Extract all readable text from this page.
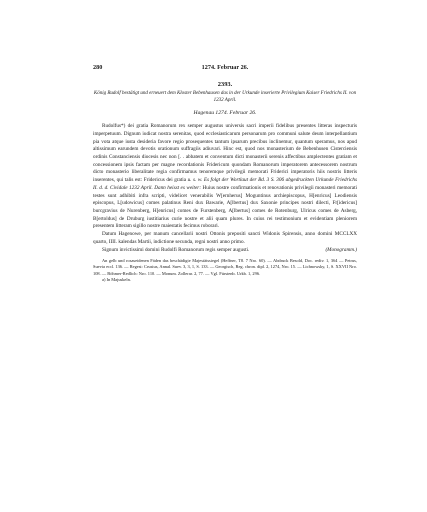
280	1274. Februar 26.
2393.
König Rudolf bestätigt und erneuert dem Kloster Bebenhausen das in der Urkunde inserierte Privilegium Kaiser Friedrichs II. von 1232 April.
Hagenau 1274. Februar 26.

Rudolfus*) dei gratia Romanorum rex semper augustus universis sacri imperii fidelibus presentes litteras inspecturis imperpetuum. Dignum iudicat nostra serenitas, quod ecclesiasticarum personarum pro communi salute deum interpellantium pia vota atque iusta desideria favore regio prosequentes tantum ipsarum precibus inclinemur, quantum speramus, nos apud altissimum earundem devotis orationum suffragiis adiuvari. Hinc est, quod nos monasterium de Bebenhusen Cisterciensis ordinis Constanciensis diocesis nec non [. . abbatem et conventum dicti monasterii serenis affectibus amplectentes gratiam et concessionem ipsis factam per magne recordationis Fridericum quondam Romanorum imperatorem antecessorem nostrum dicto monasterio liberalitate regia confirmamus tenoremque privilegii memorati Friderici imperatoris hiis nostris litteris inserentes, qui talis est: Fridericus dei gratia u. s. w. Es folgt der Wortlaut der Bd. 3 S. 306 abgedruckten Urkunde Friedrichs II. d. d. Cividale 1232 April. Dann heisst es weiter: Huius nostre confirmationis et renovationis privilegii monasteri memorati testes sunt adhibiti infra scripti, videlicet venerabilis W[ernherus] Moguntinus archiepiscopus, H[enricus] Leodiensis episcopus, L[udowicus] comes palatinus Reni dux Bawarie, A[lbertus] dux Saxonie principes nostri dilecti, Fr[idericus] burcgravius de Nurenberg, H[enricus] comes de Furstenberg, A[lbertus] comes de Rotenburg, Ulricus comes de Asberg, B[ertoldus] de Druburg iustitiarius curie nostre et alii quam plures. In cuius rei testimonium et evidentiam pleniorem presentem litteram sigillo nostre maiestatis fecimus roborari.

Datum Hagenowe, per manum cancellarii nostri Ottonis prepositi sancti Widonis Spirensis, anno domini MCCLXX quarto, IIII. kalendas Martii, indictione secunda, regni nostri anno primo.

Signum invictissimi domini Rudolfi Romanorum regis semper augusti.	(Monogramm.)

An gelb und rosaseidenen Fäden das beschädigte Majestätssiegel (Heffner, T8. 7 Nro. 60). — Abdruck Besold, Doc. rediv. 1, 364 — Petrus, Suevia eccl. 136. — Regest: Crusius, Annal. Suev. 3, 3, 1, S. 133. — Georgisch, Reg. chron. dipl. 2, 1274, Nro. 15. — Lichnowsky, 1, S. XXVII Nro. 108. — Böhmer-Redlich: Nro. 110. — Monum. Zollerar. 2, 77. — Vgl. Fürstenb. Urkb. 1, 296.

a) In Majuskeln.
